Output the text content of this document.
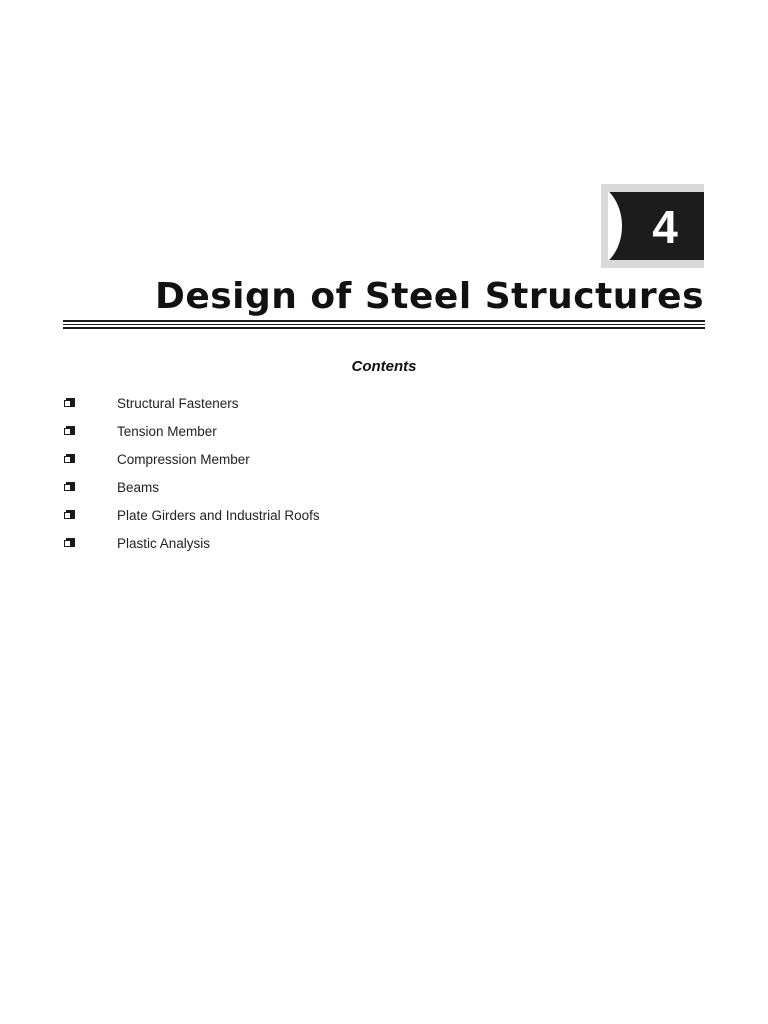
4
Design of Steel Structures
Contents
Structural Fasteners
Tension Member
Compression Member
Beams
Plate Girders and Industrial Roofs
Plastic Analysis
